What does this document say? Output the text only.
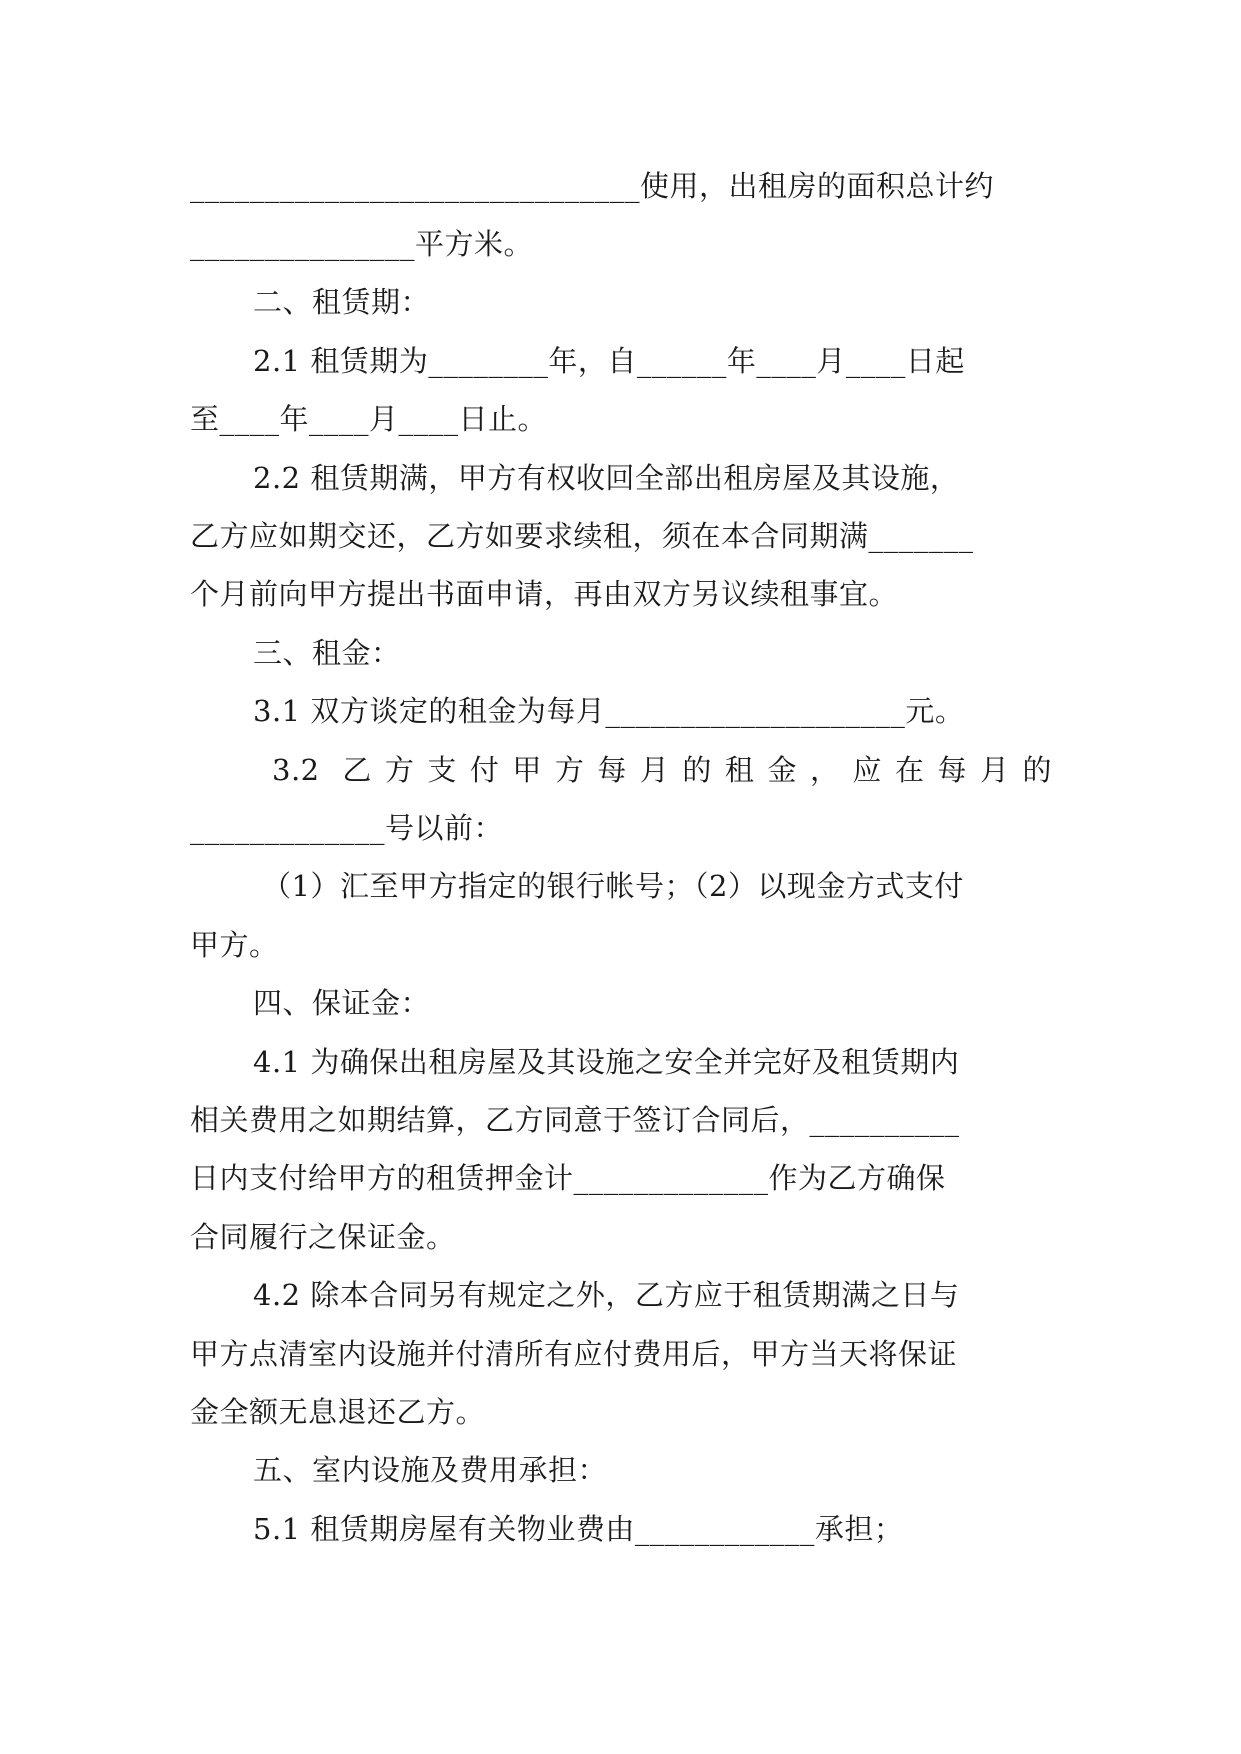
______________________________使用，出租房的面积总计约
_______________平方米。
二、租赁期：
2.1 租赁期为________年，自______年____月____日起
至____年____月____日止。
2.2 租赁期满，甲方有权收回全部出租房屋及其设施，
乙方应如期交还，乙方如要求续租，须在本合同期满_______
个月前向甲方提出书面申请，再由双方另议续租事宜。
三、租金：
3.1 双方谈定的租金为每月____________________元。
3.2 乙方支付甲方每月的租金，应在每月的
_____________号以前：
（1）汇至甲方指定的银行帐号；（2）以现金方式支付
甲方。
四、保证金：
4.1 为确保出租房屋及其设施之安全并完好及租赁期内
相关费用之如期结算，乙方同意于签订合同后，__________
日内支付给甲方的租赁押金计_____________作为乙方确保
合同履行之保证金。
4.2 除本合同另有规定之外，乙方应于租赁期满之日与
甲方点清室内设施并付清所有应付费用后，甲方当天将保证
金全额无息退还乙方。
五、室内设施及费用承担：
5.1 租赁期房屋有关物业费由____________承担；
